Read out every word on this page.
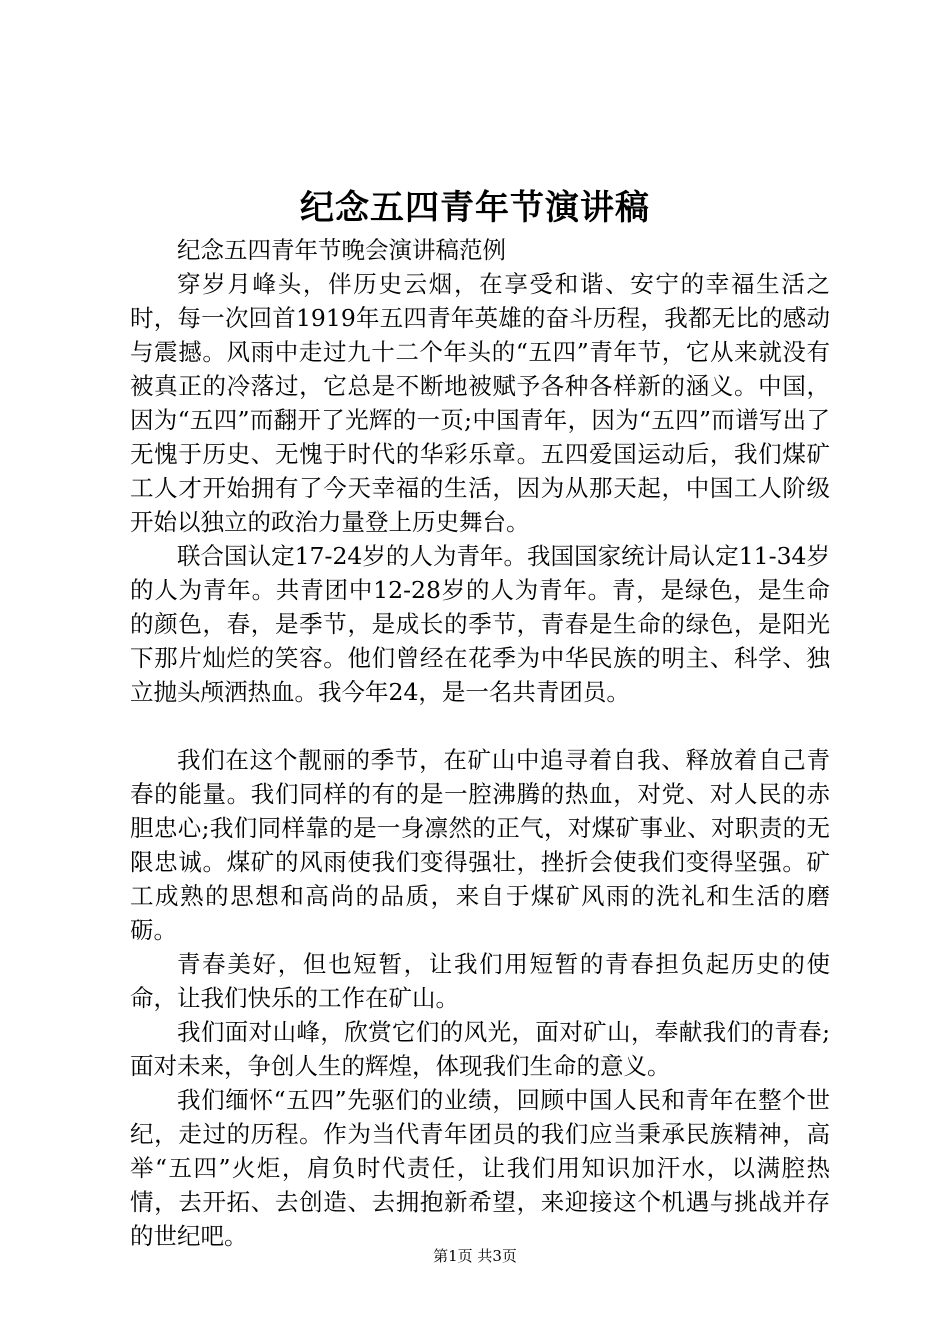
纪念五四青年节演讲稿

纪念五四青年节晚会演讲稿范例

穿岁月峰头，伴历史云烟，在享受和谐、安宁的幸福生活之时，每一次回首1919年五四青年英雄的奋斗历程，我都无比的感动与震撼。风雨中走过九十二个年头的“五四”青年节，它从来就没有被真正的冷落过，它总是不断地被赋予各种各样新的涵义。中国，因为“五四”而翻开了光辉的一页;中国青年，因为“五四”而谱写出了无愧于历史、无愧于时代的华彩乐章。五四爱国运动后，我们煤矿工人才开始拥有了今天幸福的生活，因为从那天起，中国工人阶级开始以独立的政治力量登上历史舞台。

联合国认定17-24岁的人为青年。我国国家统计局认定11-34岁的人为青年。共青团中12-28岁的人为青年。青，是绿色，是生命的颜色，春，是季节，是成长的季节，青春是生命的绿色，是阳光下那片灿烂的笑容。他们曾经在花季为中华民族的明主、科学、独立抛头颅洒热血。我今年24，是一名共青团员。

我们在这个靓丽的季节，在矿山中追寻着自我、释放着自己青春的能量。我们同样的有的是一腔沸腾的热血，对党、对人民的赤胆忠心;我们同样靠的是一身凛然的正气，对煤矿事业、对职责的无限忠诚。煤矿的风雨使我们变得强壮，挫折会使我们变得坚强。矿工成熟的思想和高尚的品质，来自于煤矿风雨的洗礼和生活的磨砺。

青春美好，但也短暂，让我们用短暂的青春担负起历史的使命，让我们快乐的工作在矿山。

我们面对山峰，欣赏它们的风光，面对矿山，奉献我们的青春;面对未来，争创人生的辉煌，体现我们生命的意义。

我们缅怀“五四”先驱们的业绩，回顾中国人民和青年在整个世纪，走过的历程。作为当代青年团员的我们应当秉承民族精神，高举“五四”火炬，肩负时代责任，让我们用知识加汗水，以满腔热情，去开拓、去创造、去拥抱新希望，来迎接这个机遇与挑战并存的世纪吧。

第1页 共3页
